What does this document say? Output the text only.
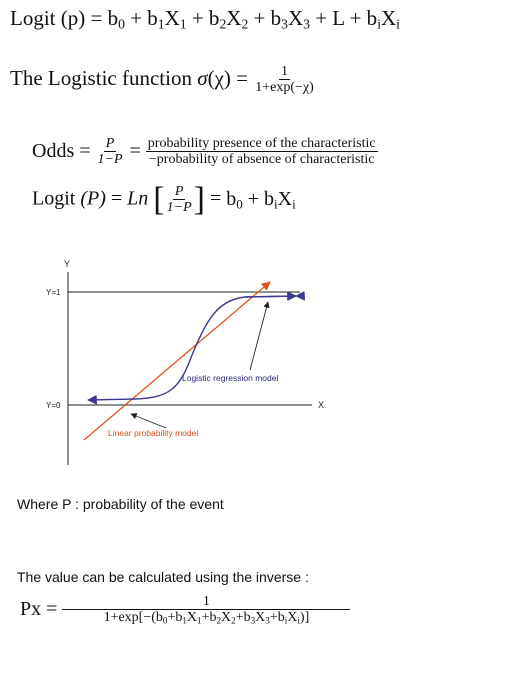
Logit $(p) = b_0 + b_1X_1 + b_2X_2 + b_3X_3 + L + b_iX_i$
The Logistic function $\sigma(\chi) = \frac{1}{1+\exp(-\chi)}$
Odds = $\frac{P}{1-P} = \frac{\text{probability presence of the characteristic}}{\text{−probability of absence of characteristic}}$
Logit (P) = Ln [ $\frac{P}{1-P}$ ] = $b_0 + b_iX_i$
Y
X
Y=1
Y=0
Logistic regression model
Linear probability model
Where P : probability of the event
The value can be calculated using the inverse :
$Px = \frac{1}{1+\exp[-(b_0+b_1X_1+b_2X_2+b_3X_3+b_iX_i)]}$
